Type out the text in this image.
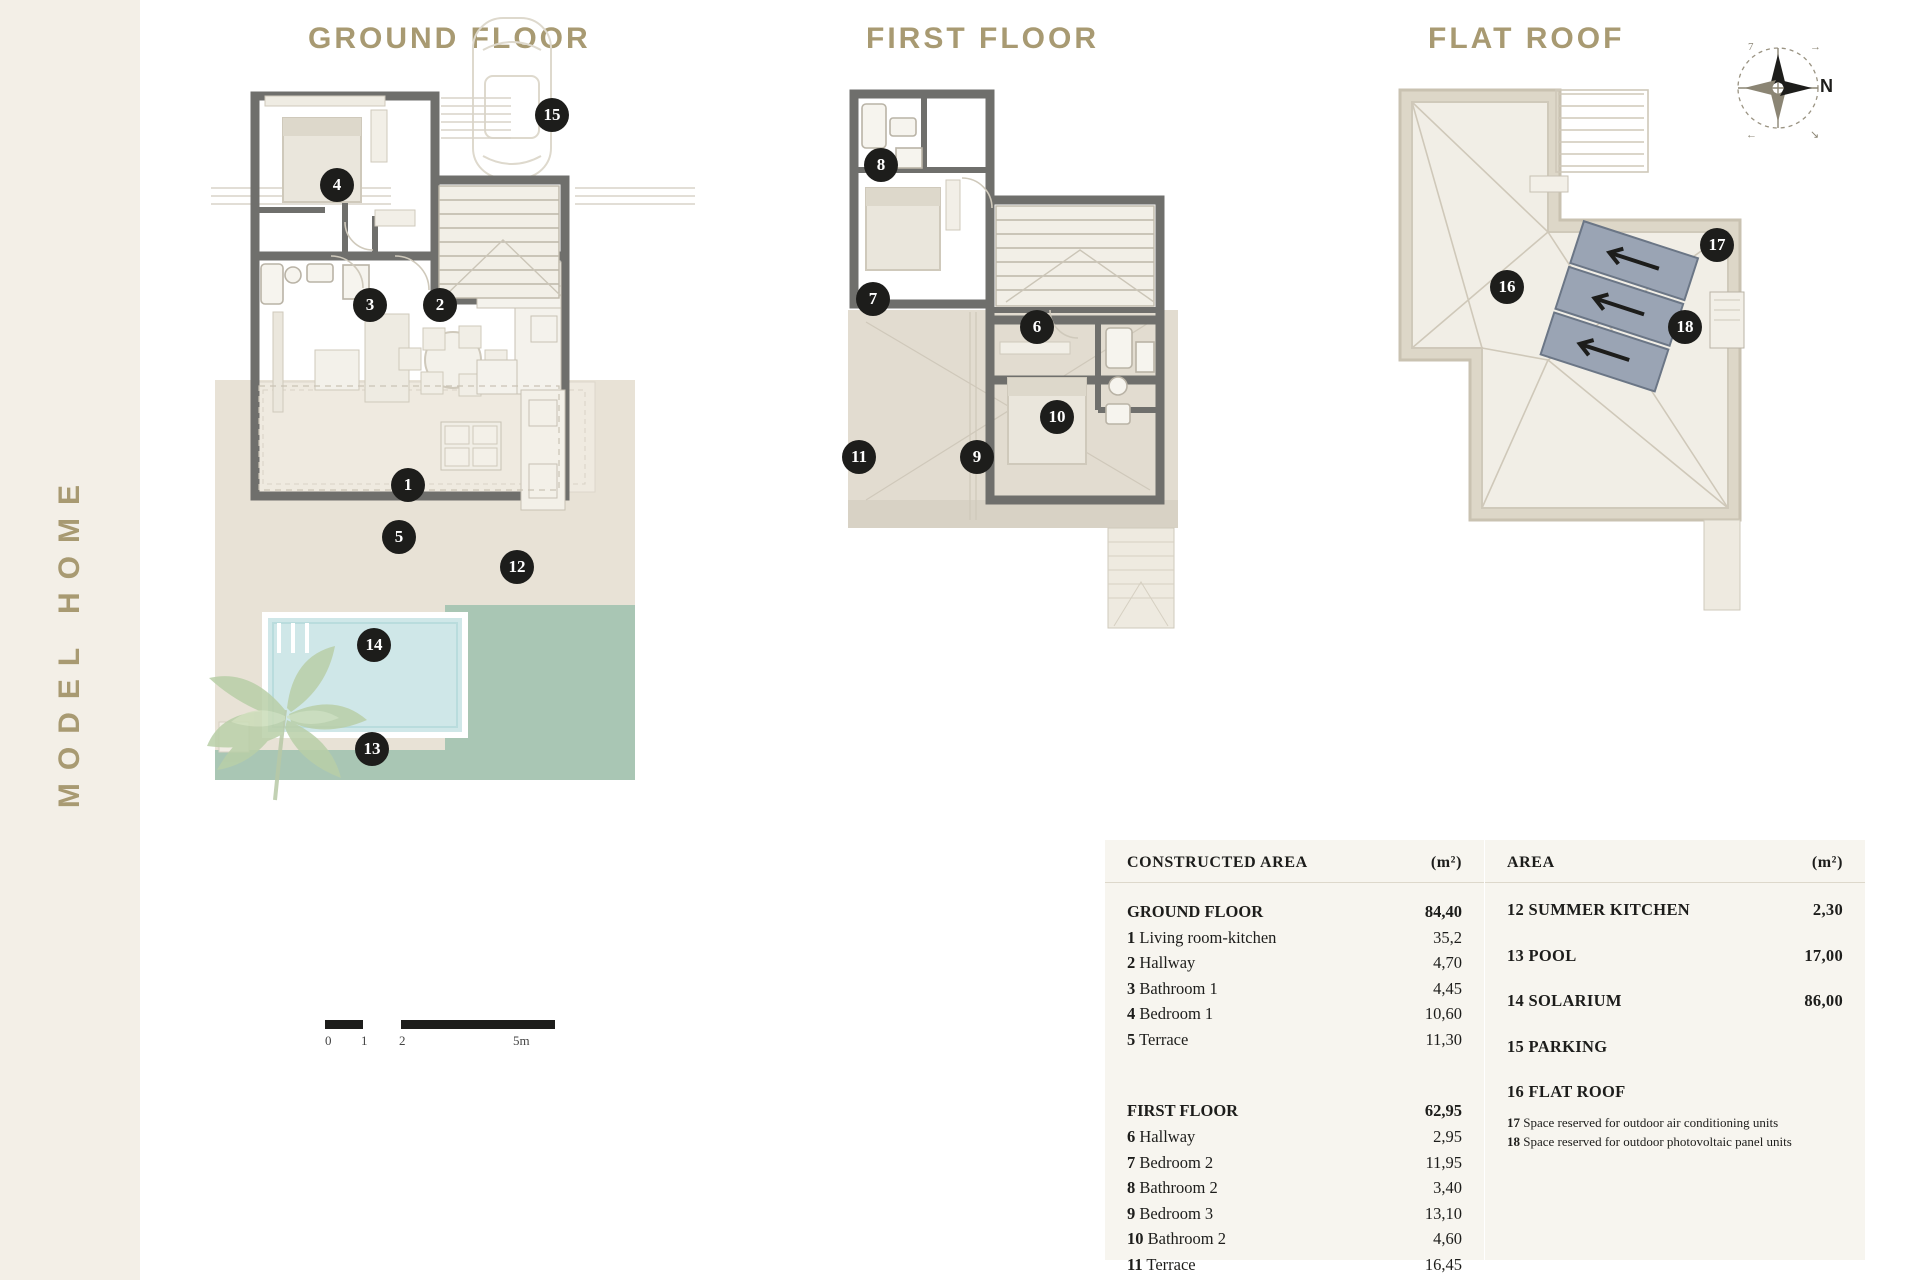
MODEL HOME
GROUND FLOOR	FIRST FLOOR	FLAT ROOF
15
4
3	2
1
5
12
14
13
0 1 2	5m
8
7
6
10
9
11
16
17
18
7	→
←	↘
N
CONSTRUCTED AREA	(m²)
GROUND FLOOR	84,40
1 Living room-kitchen	35,2
2 Hallway	4,70
3 Bathroom 1	4,45
4 Bedroom 1	10,60
5 Terrace	11,30
FIRST FLOOR	62,95
6 Hallway	2,95
7 Bedroom 2	11,95
8 Bathroom 2	3,40
9 Bedroom 3	13,10
10 Bathroom 2	4,60
11 Terrace	16,45
AREA	(m²)
12 SUMMER KITCHEN	2,30
13 POOL	17,00
14 SOLARIUM	86,00
15 PARKING
16 FLAT ROOF
17 Space reserved for outdoor air conditioning units
18 Space reserved for outdoor photovoltaic panel units
